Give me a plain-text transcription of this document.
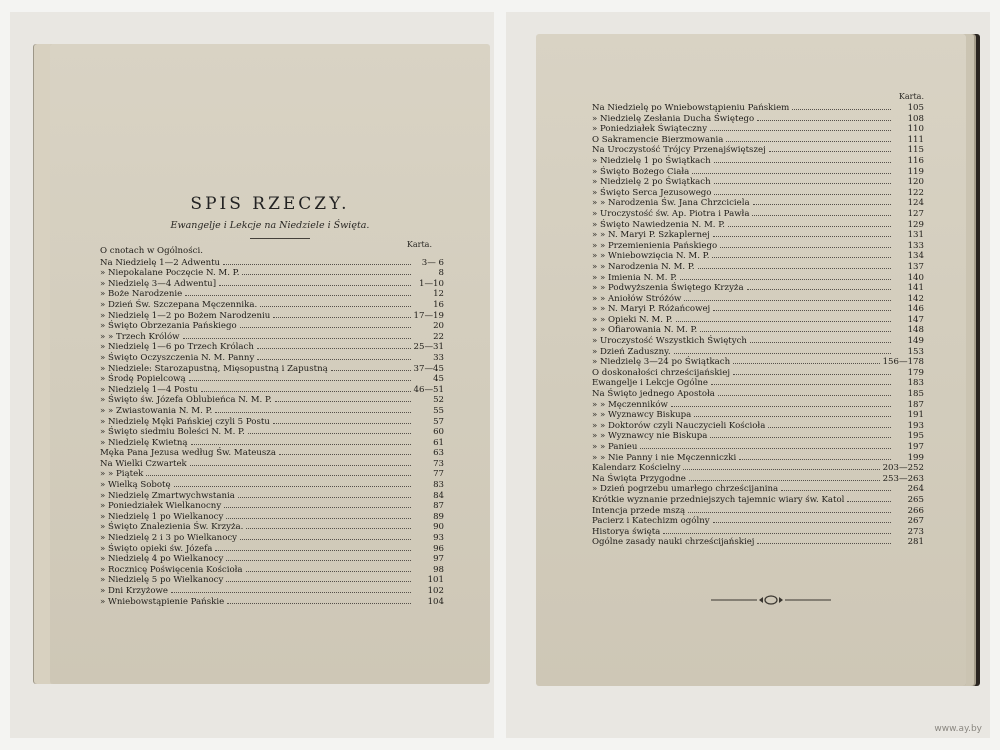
SPIS RZECZY.
Ewangelje i Lekcje na Niedziele i Święta.
Karta.
O cnotach w Ogólności.
Na Niedzielę 1—2 Adwentu	3— 6
» Niepokalane Poczęcie N. M. P.	8
» Niedzielę 3—4 Adwentu]	1—10
» Boże Narodzenie	12
» Dzień Św. Szczepana Męczennika.	16
» Niedzielę 1—2 po Bożem Narodzeniu	17—19
» Święto Obrzezania Pańskiego	20
» » Trzech Królów	22
» Niedzielę 1—6 po Trzech Królach	25—31
» Święto Oczyszczenia N. M. Panny	33
» Niedziele: Starozapustną, Mięsopustną i Zapustną	37—45
» Środę Popielcową	45
» Niedzielę 1—4 Postu	46—51
» Święto św. Józefa Oblubieńca N. M. P.	52
» » Zwiastowania N. M. P.	55
» Niedzielę Męki Pańskiej czyli 5 Postu	57
» Święto siedmiu Boleści N. M. P.	60
» Niedzielę Kwietną	61
Męka Pana Jezusa według Św. Mateusza	63
Na Wielki Czwartek	73
» » Piątek	77
» Wielką Sobotę	83
» Niedzielę Zmartwychwstania	84
» Poniedziałek Wielkanocny	87
» Niedzielę 1 po Wielkanocy	89
» Święto Znalezienia Św. Krzyża.	90
» Niedzielę 2 i 3 po Wielkanocy	93
» Święto opieki św. Józefa	96
» Niedzielę 4 po Wielkanocy	97
» Rocznicę Poświęcenia Kościoła	98
» Niedzielę 5 po Wielkanocy	101
» Dni Krzyżowe	102
» Wniebowstąpienie Pańskie	104
Karta.
Na Niedzielę po Wniebowstąpieniu Pańskiem	105
» Niedzielę Zesłania Ducha Świętego	108
» Poniedziałek Świąteczny	110
O Sakramencie Bierzmowania	111
Na Uroczystość Trójcy Przenajświętszej	115
» Niedzielę 1 po Świątkach	116
» Święto Bożego Ciała	119
» Niedzielę 2 po Świątkach	120
» Święto Serca Jezusowego	122
» » Narodzenia Św. Jana Chrzciciela	124
» Uroczystość św. Ap. Piotra i Pawła	127
» Święto Nawiedzenia N. M. P.	129
» » N. Maryi P. Szkaplernej	131
» » Przemienienia Pańskiego	133
» » Wniebowzięcia N. M. P.	134
» » Narodzenia N. M. P.	137
» » Imienia N. M. P.	140
» » Podwyższenia Świętego Krzyża	141
» » Aniołów Stróżów	142
» » N. Maryi P. Różańcowej	146
» » Opieki N. M. P.	147
» » Ofiarowania N. M. P.	148
» Uroczystość Wszystkich Świętych	149
» Dzień Zaduszny.	153
» Niedzielę 3—24 po Świątkach	156—178
O doskonałości chrześcijańskiej	179
Ewangelje i Lekcje Ogólne	183
Na Święto jednego Apostoła	185
» » Męczenników	187
» » Wyznawcy Biskupa	191
» » Doktorów czyli Nauczycieli Kościoła	193
» » Wyznawcy nie Biskupa	195
» » Panieu	197
» » Nie Panny i nie Męczenniczki	199
Kalendarz Kościelny	203—252
Na Święta Przygodne	253—263
» Dzień pogrzebu umarłego chrześcijanina	264
Krótkie wyznanie przedniejszych tajemnic wiary św. Katol	265
Intencja przede mszą	266
Pacierz i Katechizm ogólny	267
Historya święta	273
Ogólne zasady nauki chrześcijańskiej	281
www.ay.by
